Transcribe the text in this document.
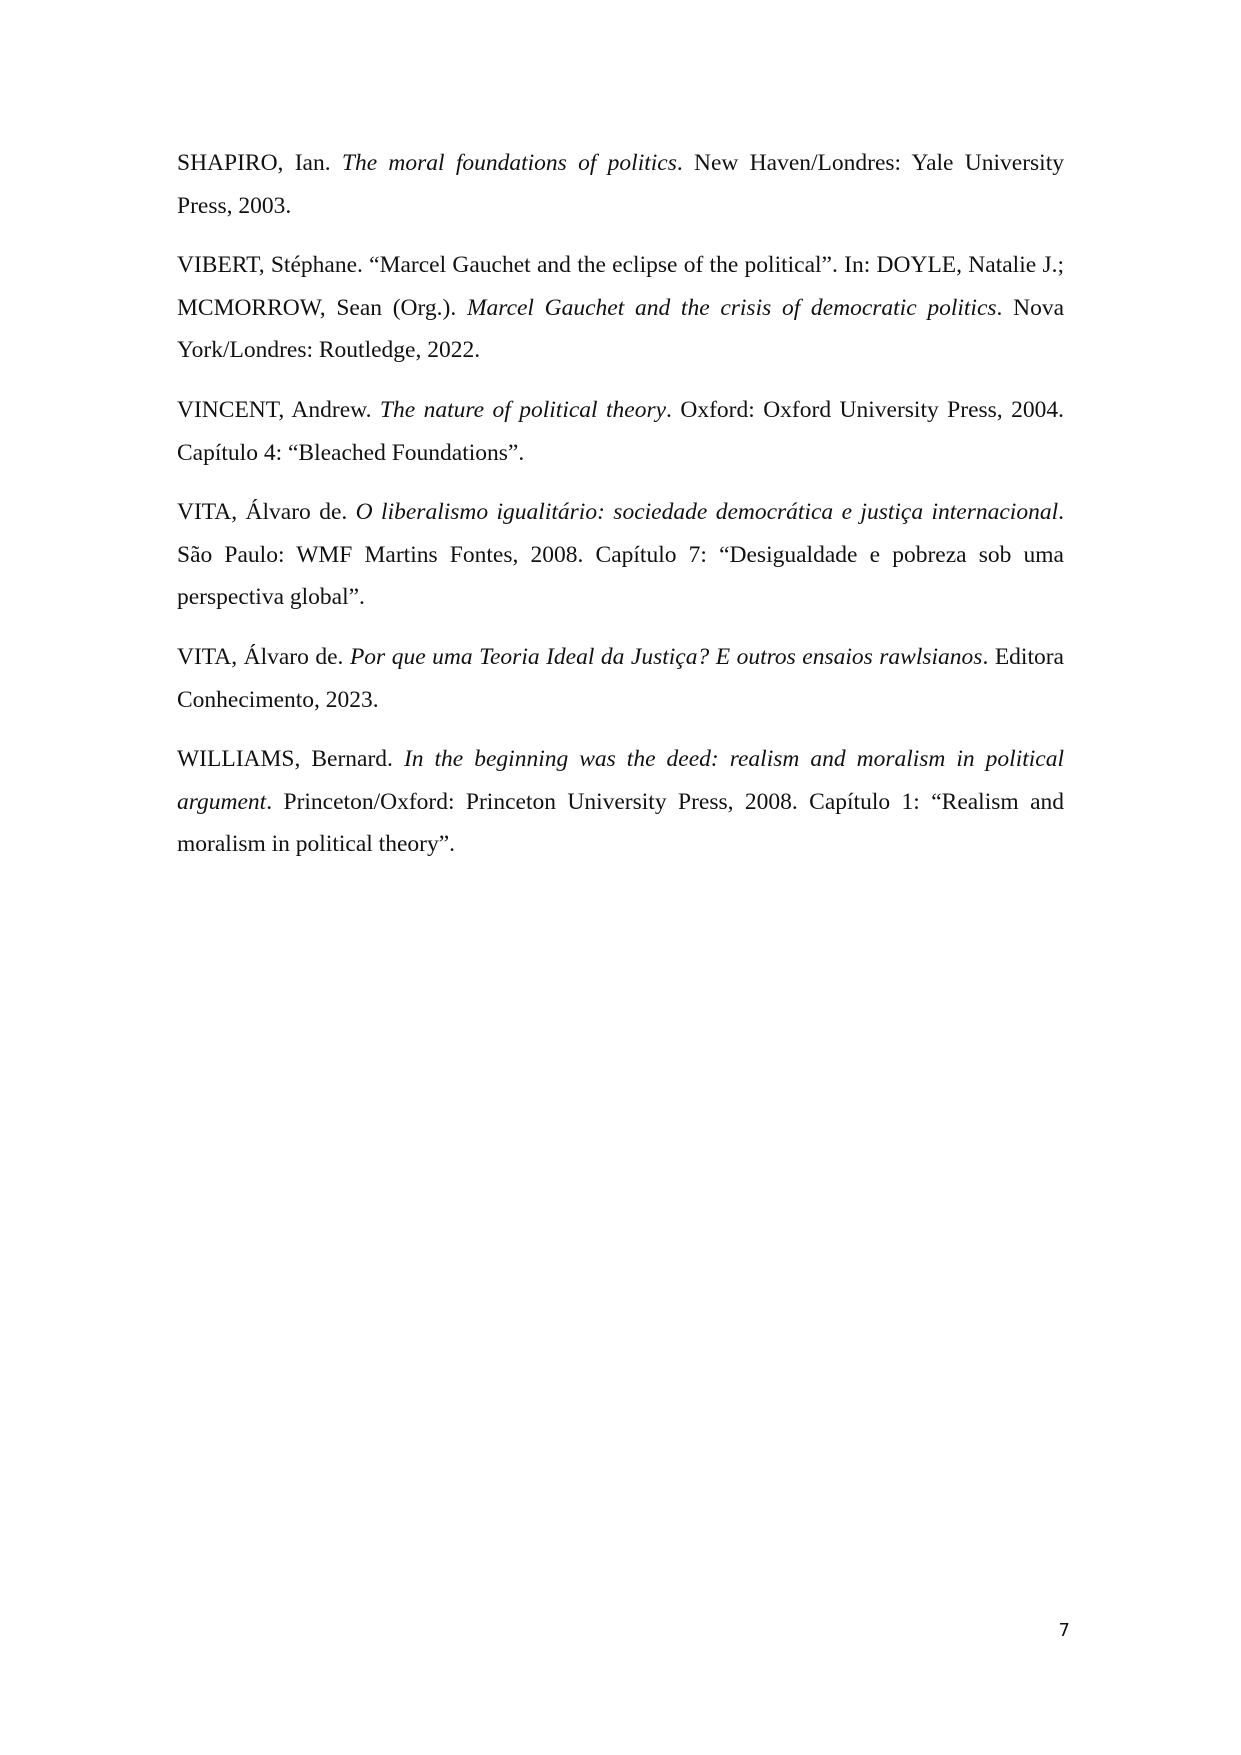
SHAPIRO, Ian. The moral foundations of politics. New Haven/Londres: Yale University Press, 2003.

VIBERT, Stéphane. “Marcel Gauchet and the eclipse of the political”. In: DOYLE, Natalie J.; MCMORROW, Sean (Org.). Marcel Gauchet and the crisis of democratic politics. Nova York/Londres: Routledge, 2022.

VINCENT, Andrew. The nature of political theory. Oxford: Oxford University Press, 2004. Capítulo 4: “Bleached Foundations”.

VITA, Álvaro de. O liberalismo igualitário: sociedade democrática e justiça internacional. São Paulo: WMF Martins Fontes, 2008. Capítulo 7: “Desigualdade e pobreza sob uma perspectiva global”.

VITA, Álvaro de. Por que uma Teoria Ideal da Justiça? E outros ensaios rawlsianos. Editora Conhecimento, 2023.

WILLIAMS, Bernard. In the beginning was the deed: realism and moralism in political argument. Princeton/Oxford: Princeton University Press, 2008. Capítulo 1: “Realism and moralism in political theory”.

7
